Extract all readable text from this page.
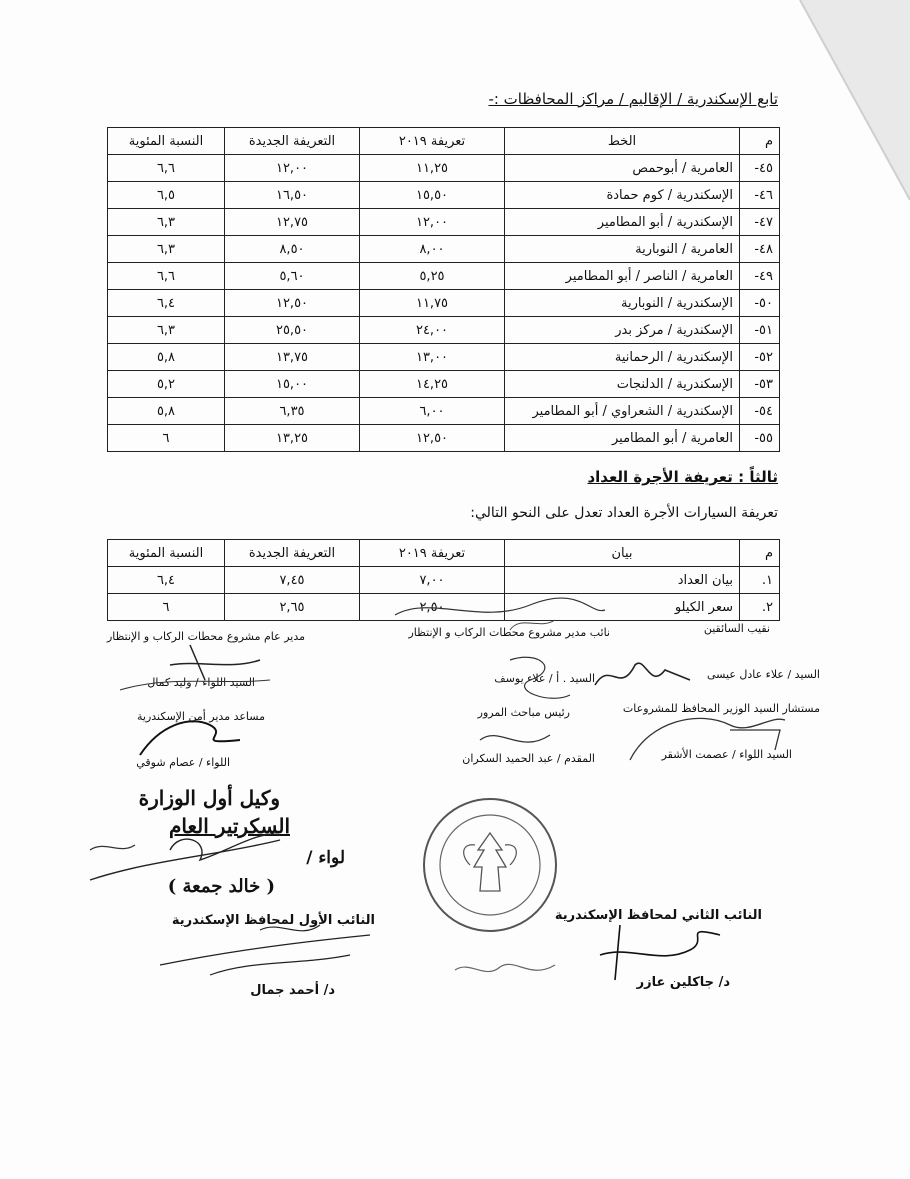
تابع الإسكندرية / الإقاليم / مراكز المحافظات :-
م	الخط	تعريفة ٢٠١٩	التعريفة الجديدة	النسبة المئوية
٤٥-	العامرية / أبوحمص	١١,٢٥	١٢,٠٠	٦,٦
٤٦-	الإسكندرية / كوم حمادة	١٥,٥٠	١٦,٥٠	٦,٥
٤٧-	الإسكندرية / أبو المطامير	١٢,٠٠	١٢,٧٥	٦,٣
٤٨-	العامرية / النوبارية	٨,٠٠	٨,٥٠	٦,٣
٤٩-	العامرية / الناصر / أبو المطامير	٥,٢٥	٥,٦٠	٦,٦
٥٠-	الإسكندرية / النوبارية	١١,٧٥	١٢,٥٠	٦,٤
٥١-	الإسكندرية / مركز بدر	٢٤,٠٠	٢٥,٥٠	٦,٣
٥٢-	الإسكندرية / الرحمانية	١٣,٠٠	١٣,٧٥	٥,٨
٥٣-	الإسكندرية / الدلنجات	١٤,٢٥	١٥,٠٠	٥,٢
٥٤-	الإسكندرية / الشعراوي / أبو المطامير	٦,٠٠	٦,٣٥	٥,٨
٥٥-	العامرية / أبو المطامير	١٢,٥٠	١٣,٢٥	٦
ثالثاً : تعريفة الأجرة العداد
تعريفة السيارات الأجرة العداد تعدل على النحو التالي:
م	بيان	تعريفة ٢٠١٩	التعريفة الجديدة	النسبة المئوية
١.	بيان العداد	٧,٠٠	٧,٤٥	٦,٤
٢.	سعر الكيلو	٢,٥٠	٢,٦٥	٦
نقيب السائقين
السيد / علاء عادل عيسى
نائب مدير مشروع محطات الركاب و الإنتظار
السيد . أ / علاء يوسف
مدير عام مشروع محطات الركاب و الإنتظار
السيد اللواء / وليد كمال
مستشار السيد الوزير المحافظ للمشروعات
السيد اللواء / عصمت الأشقر
رئيس مباحث المرور
المقدم / عبد الحميد السكران
مساعد مدير أمن الإسكندرية
اللواء / عصام شوقي
وكيل أول الوزارة
السكرتير العام
لواء /
( خالد جمعة )
النائب الثاني لمحافظ الإسكندرية
د/ جاكلين عازر
النائب الأول لمحافظ الإسكندرية
د/ أحمد جمال
